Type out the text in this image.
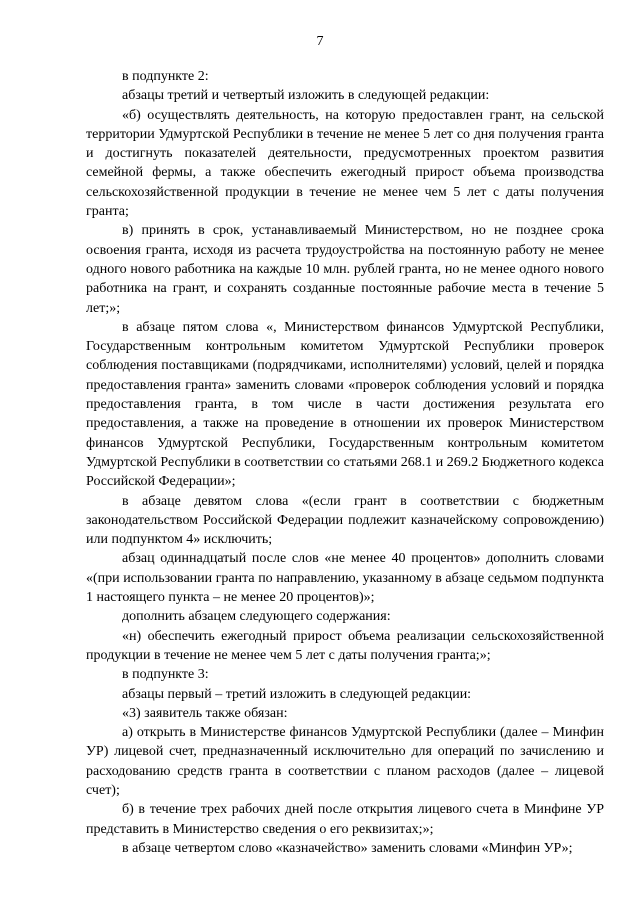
7

в подпункте 2:

абзацы третий и четвертый изложить в следующей редакции:

«б) осуществлять деятельность, на которую предоставлен грант, на сельской территории Удмуртской Республики в течение не менее 5 лет со дня получения гранта и достигнуть показателей деятельности, предусмотренных проектом развития семейной фермы, а также обеспечить ежегодный прирост объема производства сельскохозяйственной продукции в течение не менее чем 5 лет с даты получения гранта;

в) принять в срок, устанавливаемый Министерством, но не позднее срока освоения гранта, исходя из расчета трудоустройства на постоянную работу не менее одного нового работника на каждые 10 млн. рублей гранта, но не менее одного нового работника на грант, и сохранять созданные постоянные рабочие места в течение 5 лет;»;

в абзаце пятом слова «, Министерством финансов Удмуртской Республики, Государственным контрольным комитетом Удмуртской Республики проверок соблюдения поставщиками (подрядчиками, исполнителями) условий, целей и порядка предоставления гранта» заменить словами «проверок соблюдения условий и порядка предоставления гранта, в том числе в части достижения результата его предоставления, а также на проведение в отношении их проверок Министерством финансов Удмуртской Республики, Государственным контрольным комитетом Удмуртской Республики в соответствии со статьями 268.1 и 269.2 Бюджетного кодекса Российской Федерации»;

в абзаце девятом слова «(если грант в соответствии с бюджетным законодательством Российской Федерации подлежит казначейскому сопровождению) или подпунктом 4» исключить;

абзац одиннадцатый после слов «не менее 40 процентов» дополнить словами «(при использовании гранта по направлению, указанному в абзаце седьмом подпункта 1 настоящего пункта – не менее 20 процентов)»;

дополнить абзацем следующего содержания:

«н) обеспечить ежегодный прирост объема реализации сельскохозяйственной продукции в течение не менее чем 5 лет с даты получения гранта;»;

в подпункте 3:

абзацы первый – третий изложить в следующей редакции:

«3) заявитель также обязан:

а) открыть в Министерстве финансов Удмуртской Республики (далее – Минфин УР) лицевой счет, предназначенный исключительно для операций по зачислению и расходованию средств гранта в соответствии с планом расходов (далее – лицевой счет);

б) в течение трех рабочих дней после открытия лицевого счета в Минфине УР представить в Министерство сведения о его реквизитах;»;

в абзаце четвертом слово «казначейство» заменить словами «Минфин УР»;
